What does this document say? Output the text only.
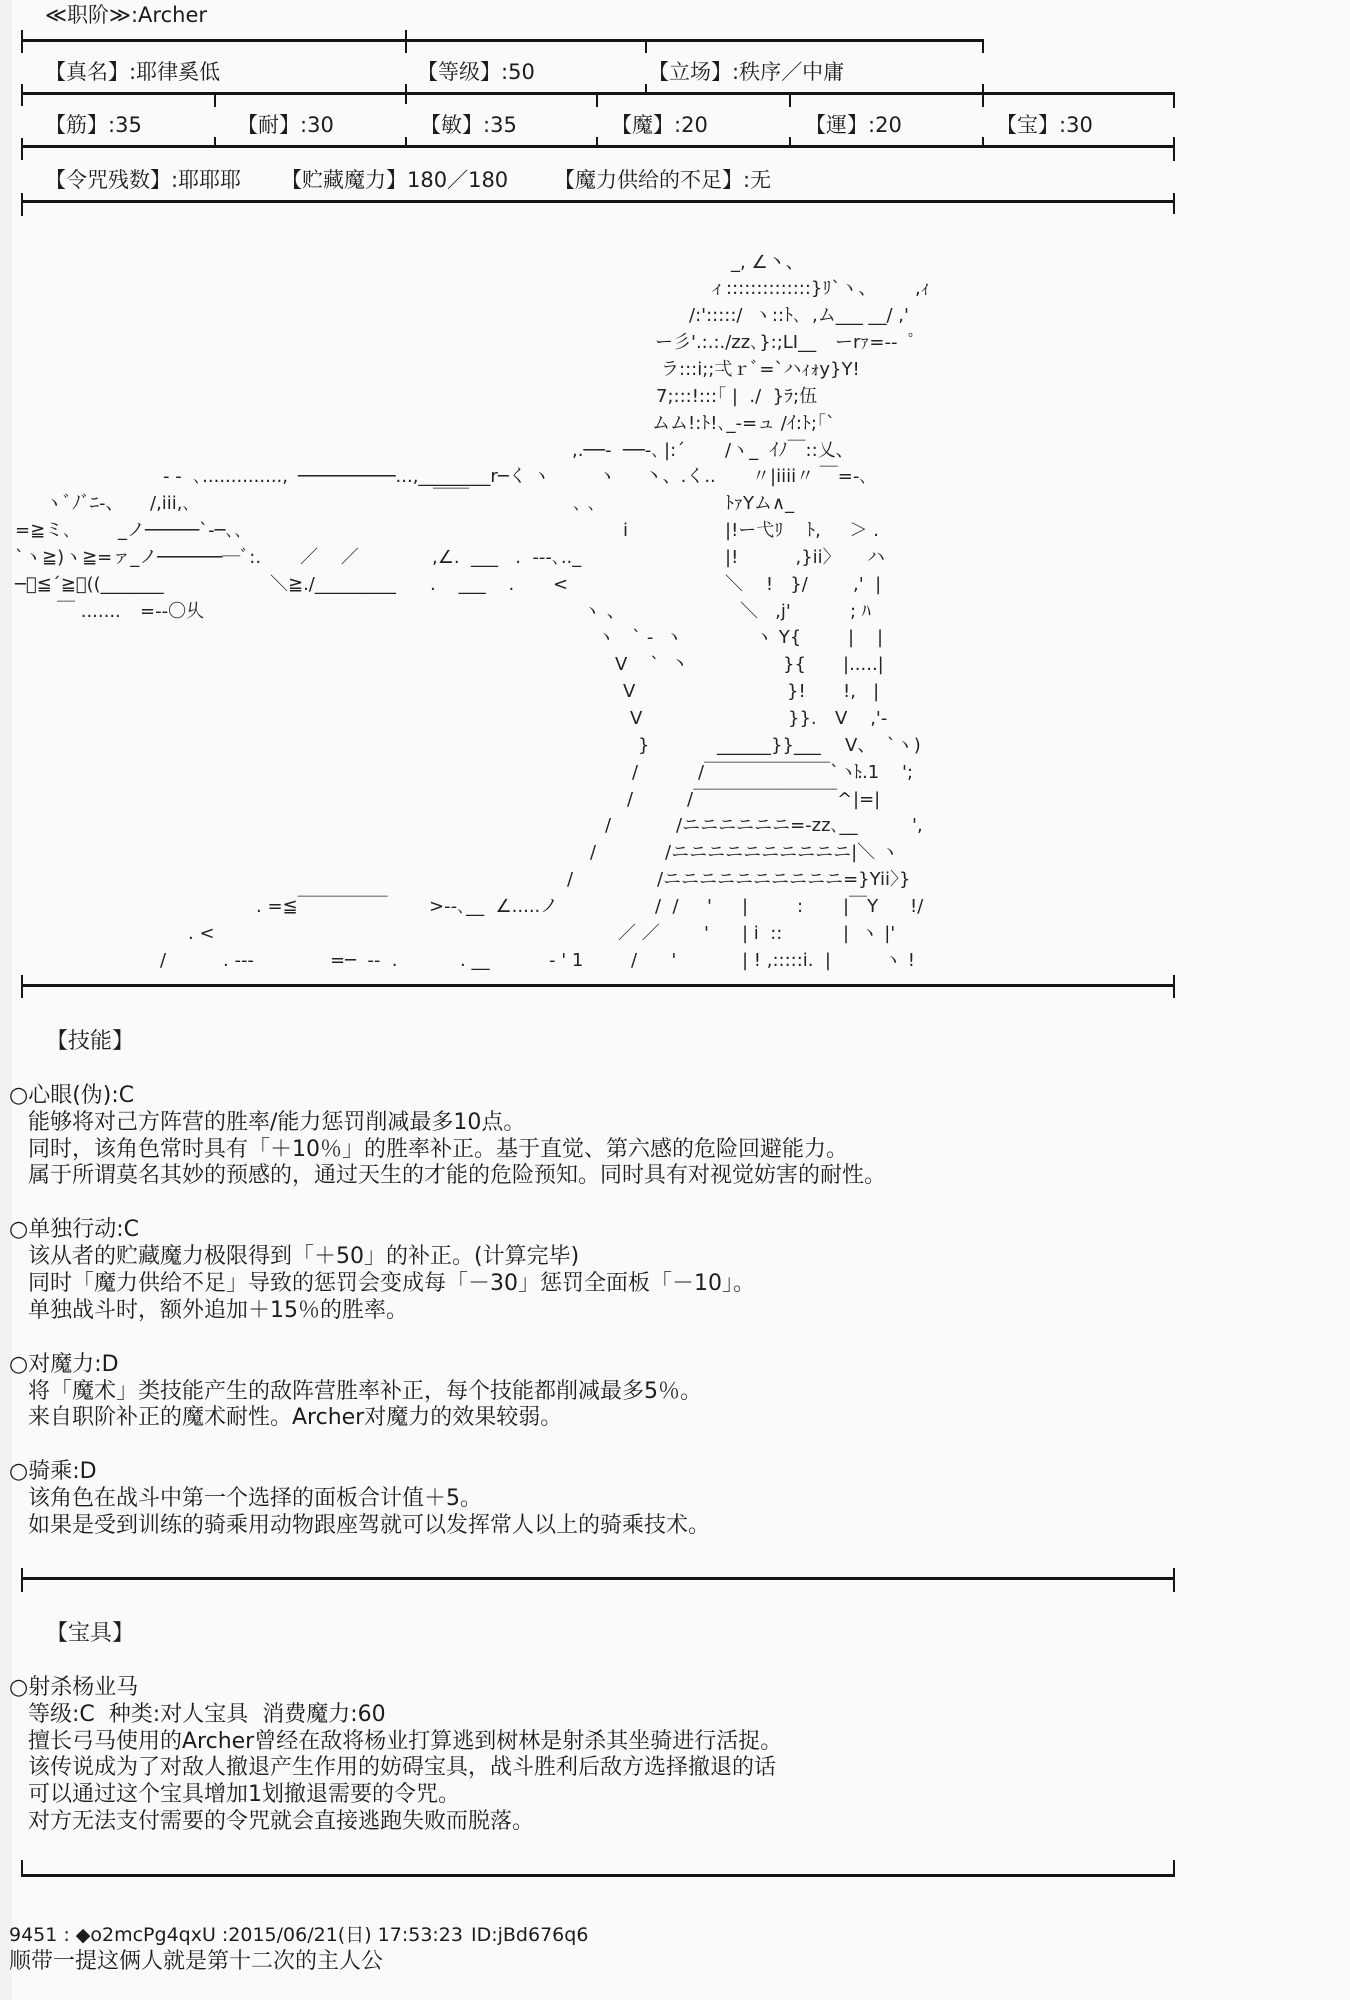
≪职阶≫:Archer
【真名】:耶律奚低	【等级】:50	【立场】:秩序／中庸
【筋】:35	【耐】:30	【敏】:35	【魔】:20	【運】:20	【宝】:30
【令咒残数】:耶耶耶 【贮藏魔力】180／180 【魔力供给的不足】:无
_, ∠丶、
ィ::::::::::::::}ﾘ`ヽ、 ,ｨ
/:':::::/  ヽ::ﾄ､ ,ム___ __/ ,'
ー彡'.:.:./zz､}:;LI__ ーrｧ=--  ﾟ
ラ:::i;;弌ｒﾞ=`ハｨｫy}Y!
7;:::!:::｢ |  ./  }ﾗ;伍
ムム!:ﾄ!､_-=ュ /ｲ:ﾄ;｢`
,.──‐  ──-､ |:´ /ヽ_  ｲﾉ￣::乂、
- -  ､.............., ─────────...,________r─く ヽ	ヽ     丶、.く.. 〃|iiii〃 ￣=‐､
ヽﾞﾉﾞﾆ‐、 /,iii,､	￣￣	､ ､	ﾄｧYム∧_
=≧ミ､	_ノ─────`‐─､､	i	|!ー弋ﾘ    ﾄ,     ＞ .
`ヽ≧)ヽ≧=ァ_ノ───────ﾞ:. ／    ／	,∠.  ___   .  ‐‐‐､.._	|!          ,}ii〉 ハ
─ﾞ≦´≧ﾞ((_______	＼≧./_________ .    ___    . <	＼    !   }/	,'  |
￣ ....... =--〇乆	ヽ 、	＼   ,j'	; ﾊ
ヽ   ` ‐  ヽ	ヽ Y{	|    |
V    `  丶	}{ |.....|
V	}! !,   |
V	}}. V    ,'‐
}	______}}___ V、  `ヽ)
/	/￣￣￣￣￣￣￣`ヽ.
ﾄ.1    ';
/	/￣￣￣￣￣￣￣￣^ |=|
/	/ニニニニニニ=‐zz､__	',
/	/ニニニニニニニニニニ|＼ ヽ
/	/ニニニニニニニニニニ=}Yii〉}
. =≦￣￣￣￣￣ >‐-､__  ∠.....ノ	/  / ' |	: |￣Y !/
. <	／ ／ ' | i  ::	|  ヽ |'
/	. -‐‐	=─  ‐‐  .	. __	- ' 1	/      '	| ! ,:::::i.  |	ヽ !
【技能】
○心眼(伪):C
能够将对己方阵营的胜率/能力惩罚削减最多10点。
同时，该角色常时具有「＋10％」的胜率补正。基于直觉、第六感的危险回避能力。
属于所谓莫名其妙的预感的，通过天生的才能的危险预知。同时具有对视觉妨害的耐性。
○单独行动:C
该从者的贮藏魔力极限得到「＋50」的补正。(计算完毕)
同时「魔力供给不足」导致的惩罚会变成每「－30」惩罚全面板「－10」。
单独战斗时，额外追加＋15％的胜率。
○对魔力:D
将「魔术」类技能产生的敌阵营胜率补正，每个技能都削减最多5％。
来自职阶补正的魔术耐性。Archer对魔力的效果较弱。
○骑乘:D
该角色在战斗中第一个选择的面板合计值＋5。
如果是受到训练的骑乘用动物跟座驾就可以发挥常人以上的骑乘技术。
【宝具】
○射杀杨业马
等级:C 种类:对人宝具 消费魔力:60
擅长弓马使用的Archer曾经在敌将杨业打算逃到树林是射杀其坐骑进行活捉。
该传说成为了对敌人撤退产生作用的妨碍宝具，战斗胜利后敌方选择撤退的话
可以通过这个宝具增加1划撤退需要的令咒。
对方无法支付需要的令咒就会直接逃跑失败而脱落。
9451 : ◆o2mcPg4qxU :2015/06/21(日) 17:53:23 ID:jBd676q6
顺带一提这俩人就是第十二次的主人公
